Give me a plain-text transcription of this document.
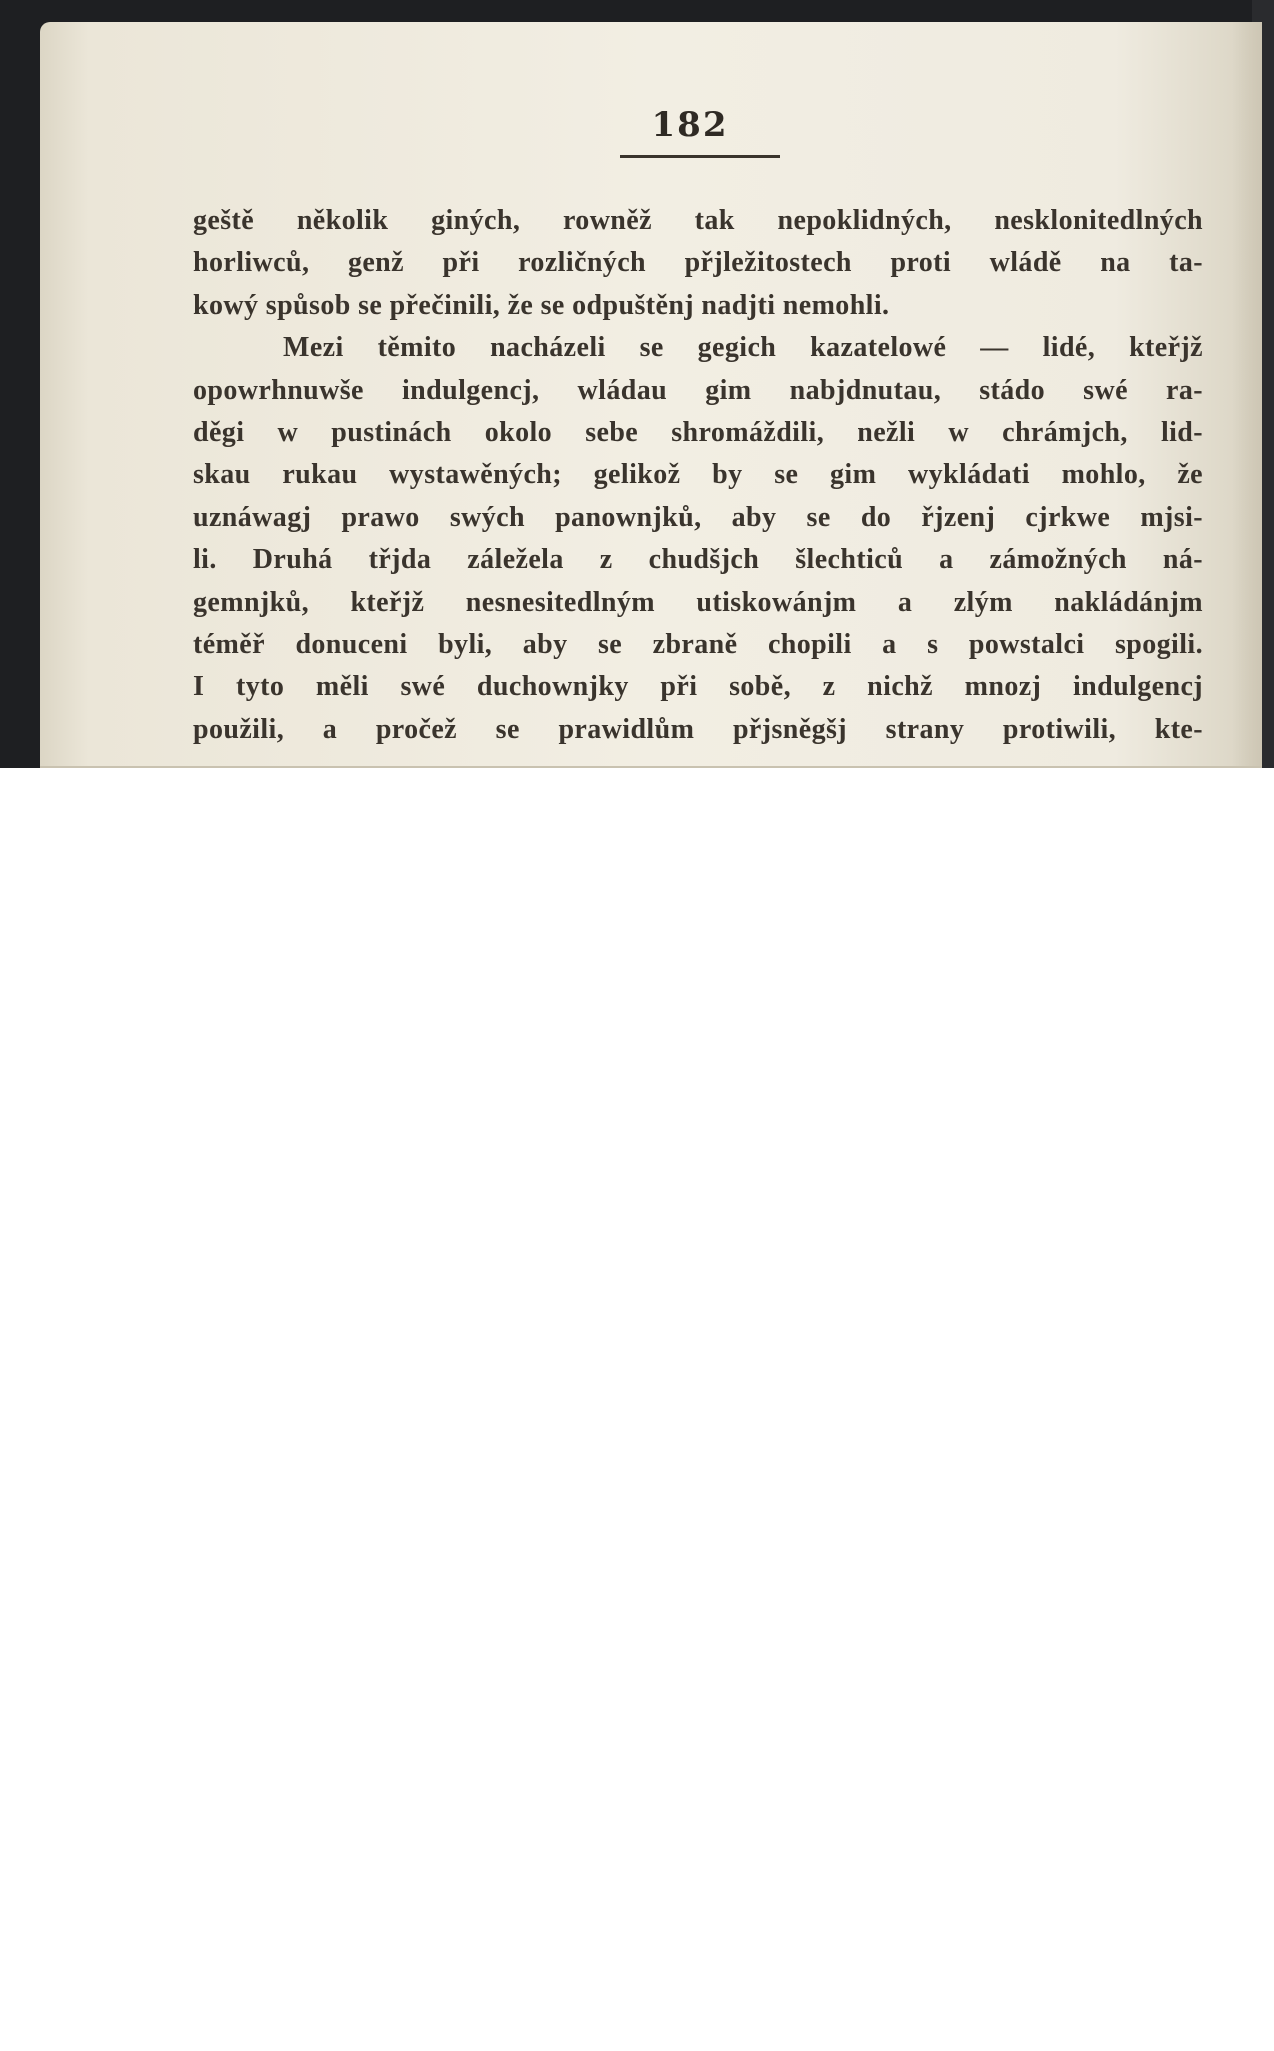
182
geště několik giných, rowněž tak nepoklidných, nesklonitedlných
horliwců, genž při rozličných přjležitostech proti wládě na ta-
kowý spůsob se přečinili, že se odpuštěnj nadjti nemohli.
Mezi těmito nacházeli se gegich kazatelowé — lidé, kteřjž
opowrhnuwše indulgencj, wládau gim nabjdnutau, stádo swé ra-
děgi w pustinách okolo sebe shromáždili, nežli w chrámjch, lid-
skau rukau wystawěných; gelikož by se gim wykládati mohlo, že
uznáwagj prawo swých panownjků, aby se do řjzenj cjrkwe mjsi-
li. Druhá třjda záležela z chudšjch šlechticů a zámožných ná-
gemnjků, kteřjž nesnesitedlným utiskowánjm a zlým nakládánjm
téměř donuceni byli, aby se zbraně chopili a s powstalci spogili.
I tyto měli swé duchownjky při sobě, z nichž mnozj indulgencj
použili, a pročež se prawidlům přjsněgšj strany protiwili, kte-
